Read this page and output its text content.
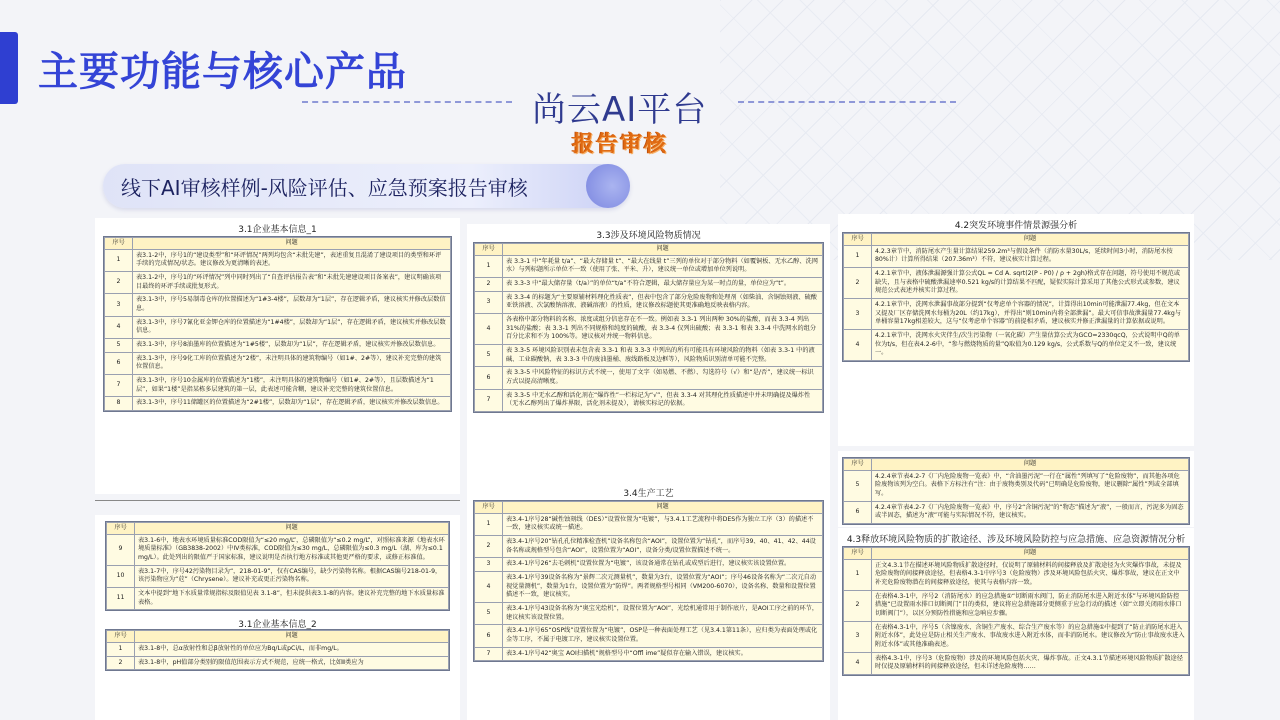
主要功能与核心产品
尚云AI平台
报告审核
线下AI审核样例-风险评估、应急预案报告审核
3.1企业基本信息_1
序号	问题
1	表3.1-2中，序号1的“建设类型”和“环评情况”两列均包含“未批先建”，表述重复且混淆了建设项目的类型和环评手续的完成情况/状态。建议修改为更清晰的表述。
2	表3.1-2中，序号1的“环评情况”列中同时列出了“自查评估报告表”和“未批先建建设项目备案表”，建议明确该项目最终的环评手续或批复形式。
3	表3.1-3中，序号5易制毒仓库的位置描述为“1#3-4楼”，层数却为“1层”，存在逻辑矛盾，建议核实并修改层数信息。
4	表3.1-3中，序号7氰化亚金钾仓库的位置描述为“1#4楼”，层数却为“1层”，存在逻辑矛盾，建议核实并修改层数信息。
5	表3.1-3中，序号8油墨库的位置描述为“1#5楼”，层数却为“1层”，存在逻辑矛盾，建议核实并修改层数信息。
6	表3.1-3中，序号9化工库的位置描述为“2楼”，未注明具体的建筑物编号（如1#、2#等），建议补充完整的建筑位置信息。
7	表3.1-3中，序号10金属库的位置描述为“1楼”，未注明具体的建筑物编号（如1#、2#等），且层数描述为“1层”，如果“1楼”是指某栋多层建筑的第一层，此表述可能含糊，建议补充完整的建筑位置信息。
8	表3.1-3中，序号11储罐区的位置描述为“2#1楼”，层数却为“1层”，存在逻辑矛盾，建议核实并修改层数信息。
序号	问题
9	表3.1-6中，地表水环境质量标准COD限值为“≤20 mg/L”，总磷限值为“≤0.2 mg/L”，对照标准来源《地表水环境质量标准》（GB3838-2002）中IV类标准，COD限值为≤30 mg/L，总磷限值为≤0.3 mg/L（湖、库为≤0.1 mg/L）。此处列出的限值严于国家标准，建议说明是否执行地方标准或其他更严格的要求，或修正标准值。
10	表3.1-7中，序号42污染物目录为“，218-01-9”，仅有CAS编号，缺少污染物名称。根据CAS编号218-01-9，该污染物应为“苊”（Chrysene）。建议补充或更正污染物名称。
11	文本中提到“地下水质量常规指标及限值见表 3.1-8”，但未提供表3.1-8的内容。建议补充完整的地下水质量标准表格。
3.1企业基本信息_2
序号	问题
1	表3.1-8中，总α放射性和总β放射性的单位应为Bq/L或pCi/L，而非mg/L。
2	表3.1-8中，pH值部分类别的限值范围表示方式不规范，应统一格式，比如Ⅱ类应为
3.3涉及环境风险物质情况
序号	问题
1	表 3.3-1 中“年耗量 t/a”、“最大存储量 t”、“最大在线量 t”三列的单位对于部分物料（如覆铜板、无水乙醇、洗网水）与列标题所示单位不一致（使用了张、平米、升），建议统一单位或增加单位列说明。
2	表 3.3-3 中“最大储存量（t/a）”的单位“t/a”不符合逻辑，最大储存量应为某一时点的量，单位应为“t”。
3	表 3.3-4 的标题为“主要原辅材料理化性质表”，但表中包含了部分危险废物和处理剂（如柴油、含铜蚀刻液、硫酸亚铁溶液、次氯酸钠溶液、液碱溶液）的性质，建议修改标题使其更准确地反映表格内容。
4	各表格中部分物料的名称、浓度或组分信息存在不一致。例如表 3.3-1 列出两种 30%的盐酸，而表 3.3-4 列出 31%的盐酸；表 3.3-1 列出不同规格和纯度的硫酸，表 3.3-4 仅列出硫酸；表 3.3-1 和表 3.3-4 中洗网水的组分百分比求和不为 100%等。建议核对并统一物料信息。
5	表 3.3-5 环境风险识别表未包含表 3.3-1 和表 3.3-3 中列出的所有可能具有环境风险的物料（如表 3.3-1 中的液碱、工业碳酸钠，表 3.3-3 中的废油墨桶、废线路板及边框等），风险物质识别清单可能不完整。
6	表 3.3-5 中风险特征的标识方式不统一，使用了文字（如易燃、不燃）、勾选符号（√）和“是/否”，建议统一标识方式以提高清晰度。
7	表 3.3-5 中无水乙醇和活化剂在“爆炸性”一栏标记为“√”，但表 3.3-4 对其理化性质描述中并未明确提及爆炸性（无水乙醇列出了爆炸界限，活化剂未提及），请核实标记的依据。
3.4生产工艺
序号	问题
1	表3.4-1序号28“碱性蚀刻线（DES）”设置位置为“电镀”，与3.4.1工艺流程中将DES作为独立工序（3）的描述不一致，建议核实或统一描述。
2	表3.4-1序号20“钻孔孔位精准检查机”设备名称包含“AOI”，设置位置为“钻孔”，而序号39、40、41、42、44设备名称或规格型号包含“AOI”，设置位置为“AOI”，设备分类/设置位置描述不统一。
3	表3.4-1序号26“去毛刺机”设置位置为“电镀”，该设备通常在钻孔或成型后进行，建议核实该设置位置。
4	表3.4-1序号39设备名称为“景辉二次元测量机”，数量为3台，设置位置为“AOI”；序号46设备名称为“二次元自动视觉量测机”，数量为1台，设置位置为“防焊”。两者规格型号相同（VM200-6070），设备名称、数量和设置位置描述不一致，建议核实。
5	表3.4-1序号43设备名称为“奥宝光绘机”，设置位置为“AOI”，光绘机通常用于制作底片，是AOI工序之前的环节，建议核实该设置位置。
6	表3.4-1序号65“OSP线”设置位置为“电镀”，OSP是一种表面处理工艺（见3.4.1第11条），应归类为表面处理或化金等工序，不属于电镀工序，建议核实设置位置。
7	表3.4-1序号42“奥宝 AOI扫描机”规格型号中“Offl ime”疑似存在输入错误，建议核实。
4.2突发环境事件情景源强分析
序号	问题
1	4.2.3章节中，消防尾水产生量计算结果259.2m³与假设条件（消防水量30L/s，延续时间3小时，消防尾水按80%计）计算所得结果（207.36m³）不符，建议核实计算过程。
2	4.2.1章节中，液体泄漏源强计算公式QL = Cd A. sqrt(2(P - P0) / ρ + 2gh)格式存在问题，符号使用不规范或缺失，且与表格中硫酸泄漏速率0.521 kg/s的计算结果不匹配，疑似实际计算采用了其他公式形式或参数，建议规范公式表述并核实计算过程。
3	4.2.1章节中，洗网水泄漏事故部分提到“仅考虑单个容器的情况”，计算得出10min可能泄漏77.4kg，但在文本又提及厂区存储洗网水每桶为20L（约17kg），并得出“则10min内将全部泄漏”。最大可信事故泄漏量77.4kg与单桶容量17kg相差较大，这与“仅考虑单个容器”的前提相矛盾，建议核实并修正泄漏量的计算依据或说明。
4	4.2.1章节中，洗网水火灾伴生/次生污染物（一氧化碳）产生量估算公式为GCO=2330qcQ，公式说明中Q的单位为t/s，但在表4.2-6中，“参与燃烧物质的量”Q取值为0.129 kg/s，公式系数与Q的单位定义不一致，建议统一。
序号	问题
5	4.2.4章节表4.2-7《厂内危险废物一览表》中，“含油墨污泥”一行在“属性”列填写了“危险废物”，而其他各项危险废物该列为空白。表格下方标注有“注：由于废物类别及代码”已明确是危险废物，建议删除“属性”列或全部填写。
6	4.2.4章节表4.2-7《厂内危险废物一览表》中，序号2“含铜污泥”的“物态”描述为“液”，一般而言，污泥多为固态或半固态，描述为“液”可能与实际情况不符，建议核实。
4.3释放环境风险物质的扩散途径、涉及环境风险防控与应急措施、应急资源情况分析
序号	问题
1	正文4.3.1节在描述环境风险物质扩散途径时，仅说明了原辅材料的间接释放及扩散途径为火灾爆炸事故，未提及危险废物的间接释放途径，但表格4.3-1中序号3（危险废物）涉及环境风险包括火灾、爆炸事故，建议在正文中补充危险废物潜在的间接释放途径，使其与表格内容一致。
2	在表格4.3-1中，序号2（消防尾水）的应急措施①“切断雨水阀门，防止消防尾水进入附近水体”与环境风险防控措施“已设置雨水排口切断阀门”目的类似，建议将应急措施部分更侧重于应急行动的描述（如“立即关闭雨水排口切断阀门”），以区分预防性措施和应急响应步骤。
3	在表格4.3-1中，序号5（含镍废水、含铜生产废水、综合生产废水等）的应急措施①中提到了“防止消防尾水进入附近水体”，此处应是防止相关生产废水、事故废水进入附近水体，而非消防尾水。建议修改为“防止事故废水进入附近水体”或其他准确表述。
4	表格4.3-1中，序号3（危险废物）涉及的环境风险包括火灾、爆炸事故。正文4.3.1节描述环境风险物质扩散途径时仅提及原辅材料的间接释放途径，但未详述危险废物……
